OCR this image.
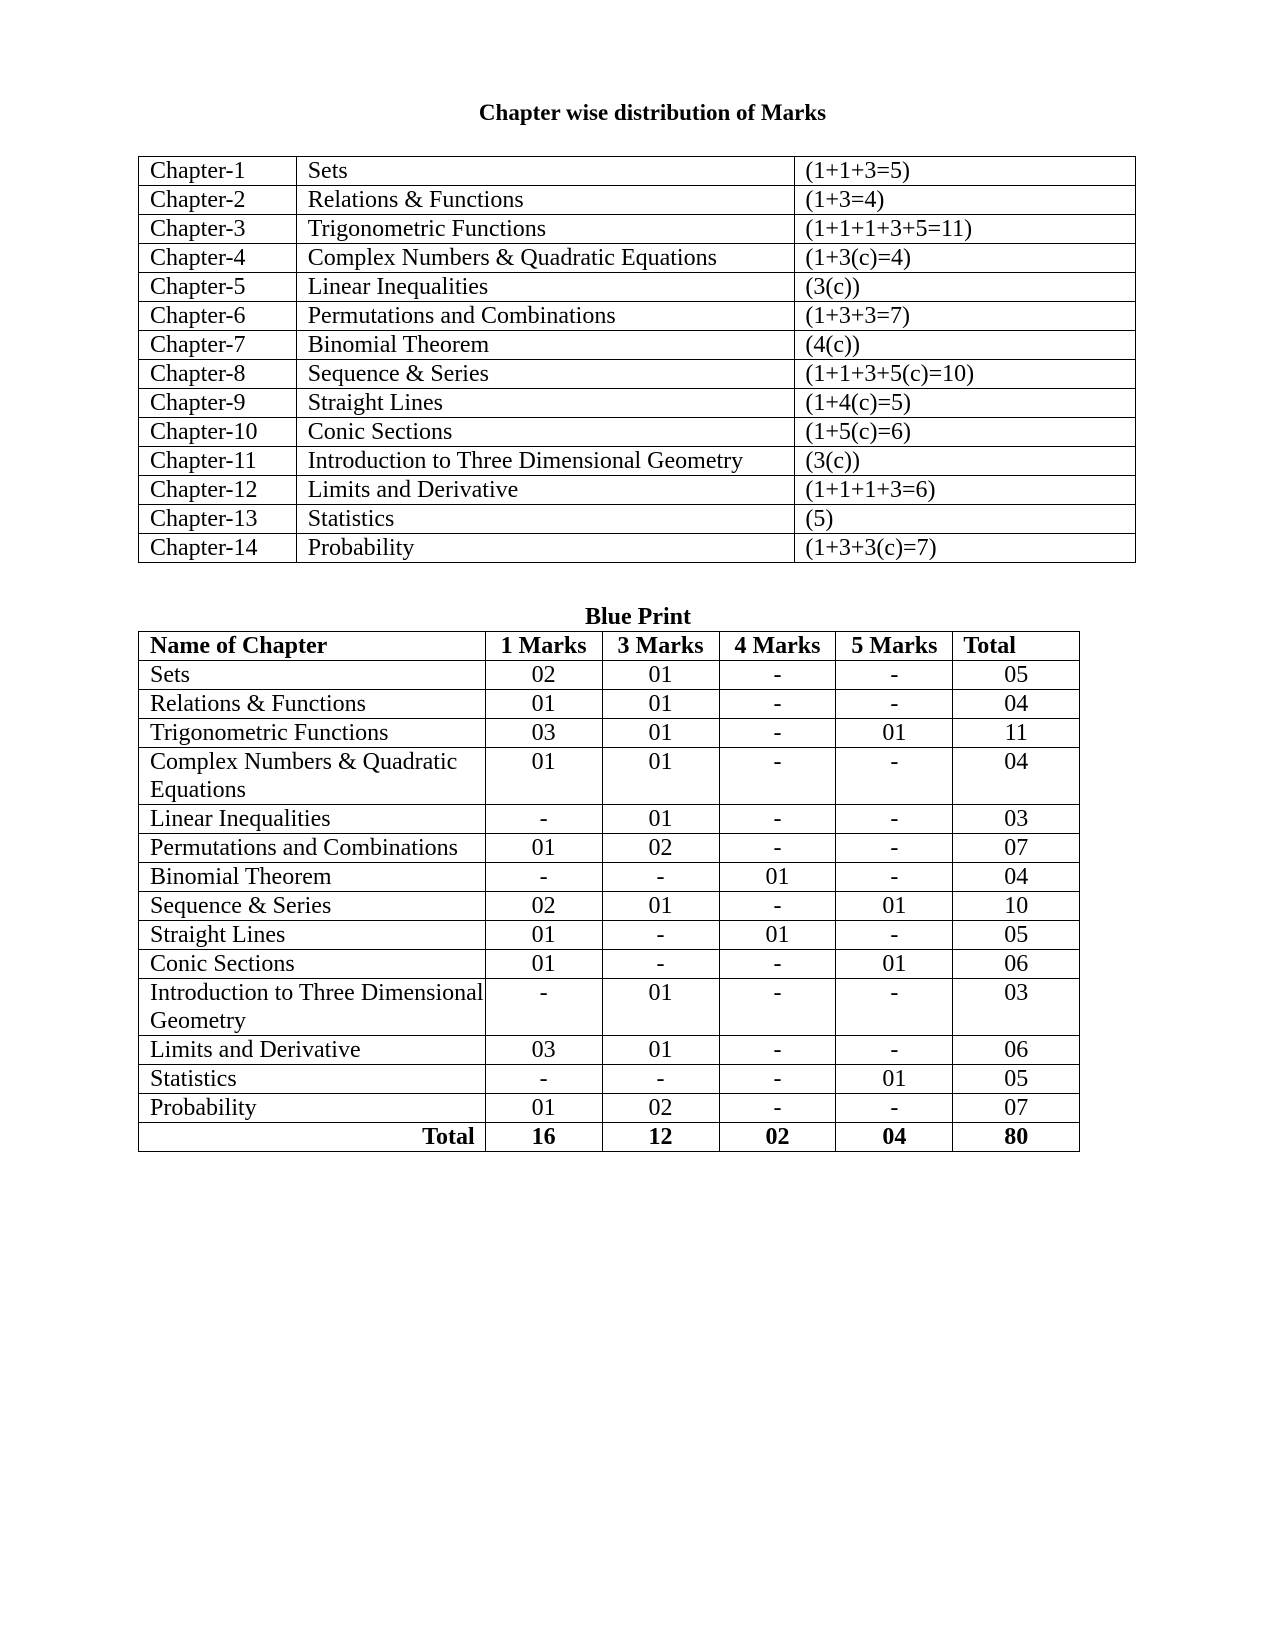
Chapter wise distribution of Marks
Chapter-1	Sets	(1+1+3=5)
Chapter-2	Relations & Functions	(1+3=4)
Chapter-3	Trigonometric Functions	(1+1+1+3+5=11)
Chapter-4	Complex Numbers & Quadratic Equations	(1+3(c)=4)
Chapter-5	Linear Inequalities	(3(c))
Chapter-6	Permutations and Combinations	(1+3+3=7)
Chapter-7	Binomial Theorem	(4(c))
Chapter-8	Sequence & Series	(1+1+3+5(c)=10)
Chapter-9	Straight Lines	(1+4(c)=5)
Chapter-10	Conic Sections	(1+5(c)=6)
Chapter-11	Introduction to Three Dimensional Geometry	(3(c))
Chapter-12	Limits and Derivative	(1+1+1+3=6)
Chapter-13	Statistics	(5)
Chapter-14	Probability	(1+3+3(c)=7)
Blue Print
Name of Chapter	1 Marks	3 Marks	4 Marks	5 Marks	Total
Sets	02	01	-	-	05
Relations & Functions	01	01	-	-	04
Trigonometric Functions	03	01	-	01	11
Complex Numbers & Quadratic Equations	01	01	-	-	04
Linear Inequalities	-	01	-	-	03
Permutations and Combinations	01	02	-	-	07
Binomial Theorem	-	-	01	-	04
Sequence & Series	02	01	-	01	10
Straight Lines	01	-	01	-	05
Conic Sections	01	-	-	01	06
Introduction to Three Dimensional Geometry	-	01	-	-	03
Limits and Derivative	03	01	-	-	06
Statistics	-	-	-	01	05
Probability	01	02	-	-	07
Total	16	12	02	04	80
